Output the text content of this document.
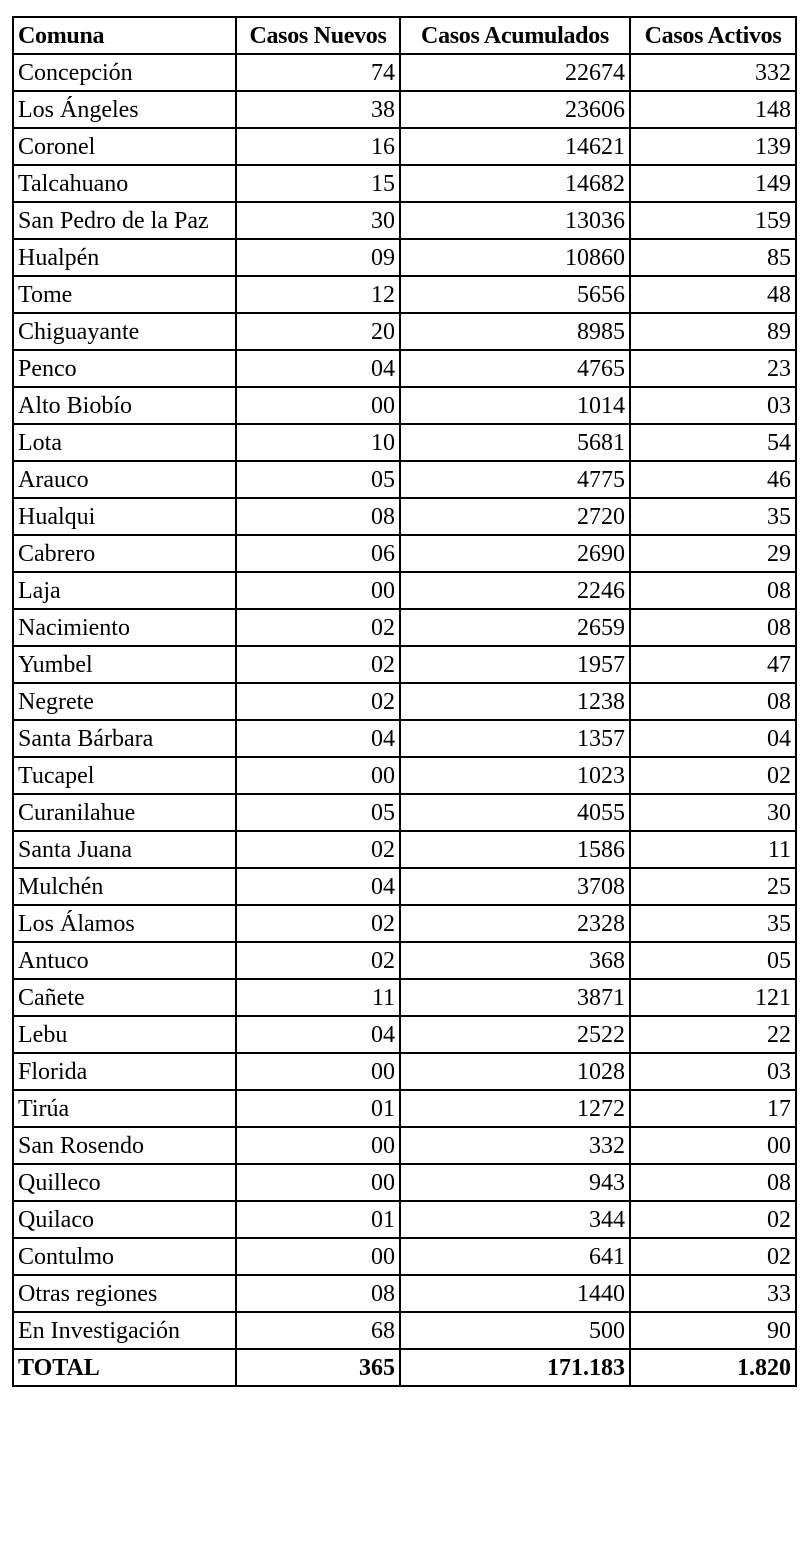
Comuna	Casos Nuevos	Casos Acumulados	Casos Activos
Concepción	74	22674	332
Los Ángeles	38	23606	148
Coronel	16	14621	139
Talcahuano	15	14682	149
San Pedro de la Paz	30	13036	159
Hualpén	09	10860	85
Tome	12	5656	48
Chiguayante	20	8985	89
Penco	04	4765	23
Alto Biobío	00	1014	03
Lota	10	5681	54
Arauco	05	4775	46
Hualqui	08	2720	35
Cabrero	06	2690	29
Laja	00	2246	08
Nacimiento	02	2659	08
Yumbel	02	1957	47
Negrete	02	1238	08
Santa Bárbara	04	1357	04
Tucapel	00	1023	02
Curanilahue	05	4055	30
Santa Juana	02	1586	11
Mulchén	04	3708	25
Los Álamos	02	2328	35
Antuco	02	368	05
Cañete	11	3871	121
Lebu	04	2522	22
Florida	00	1028	03
Tirúa	01	1272	17
San Rosendo	00	332	00
Quilleco	00	943	08
Quilaco	01	344	02
Contulmo	00	641	02
Otras regiones	08	1440	33
En Investigación	68	500	90
TOTAL	365	171.183	1.820
